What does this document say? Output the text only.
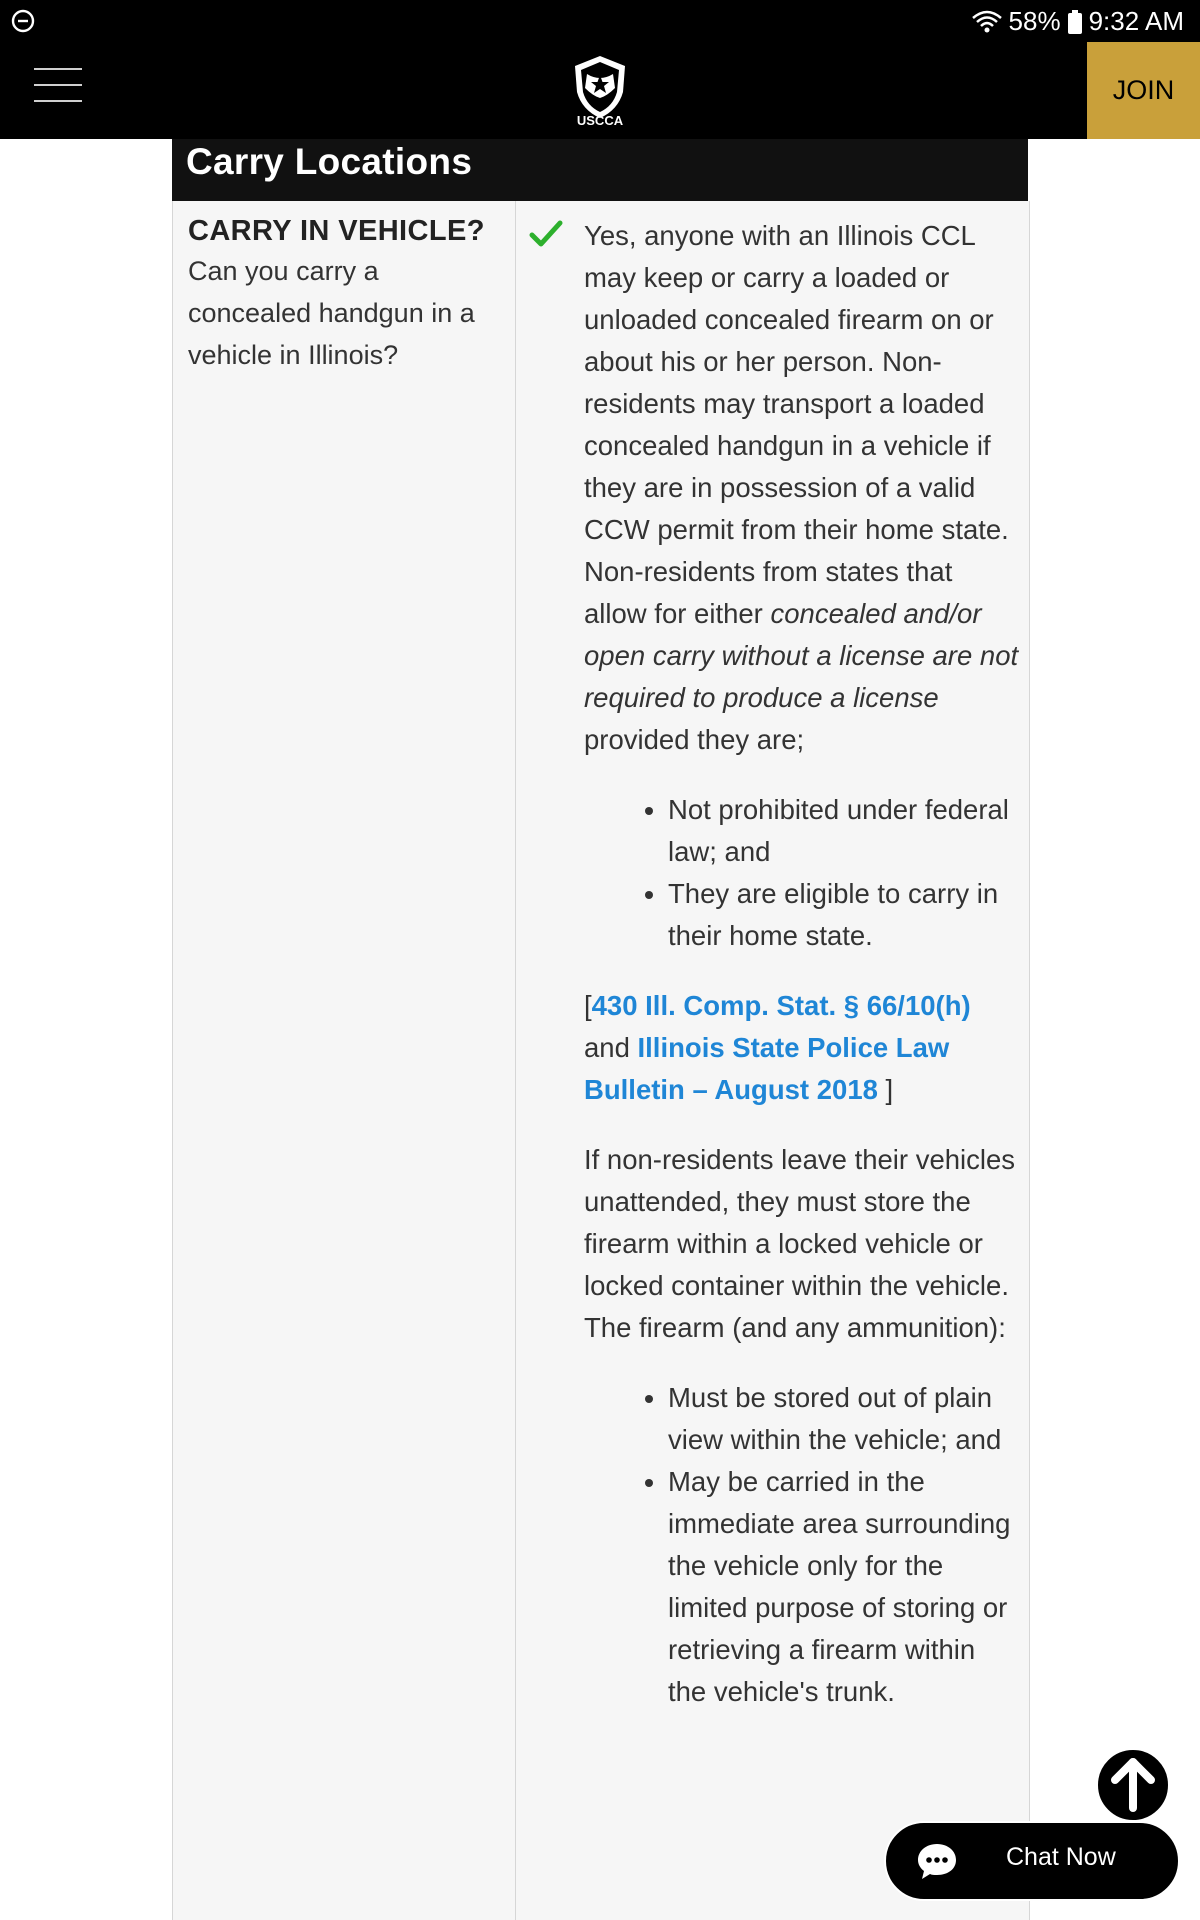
58% 9:32 AM
USCCA
JOIN
Carry Locations
CARRY IN VEHICLE?

Can you carry a concealed handgun in a vehicle in Illinois?

Yes, anyone with an Illinois CCL may keep or carry a loaded or unloaded concealed firearm on or about his or her person. Non-residents may transport a loaded concealed handgun in a vehicle if they are in possession of a valid CCW permit from their home state. Non-residents from states that allow for either concealed and/or open carry without a license are not required to produce a license provided they are;

• Not prohibited under federal law; and
• They are eligible to carry in their home state.

[430 Ill. Comp. Stat. § 66/10(h) and Illinois State Police Law Bulletin – August 2018 ]

If non-residents leave their vehicles unattended, they must store the firearm within a locked vehicle or locked container within the vehicle. The firearm (and any ammunition):

• Must be stored out of plain view within the vehicle; and
• May be carried in the immediate area surrounding the vehicle only for the limited purpose of storing or retrieving a firearm within the vehicle's trunk.
Chat Now
